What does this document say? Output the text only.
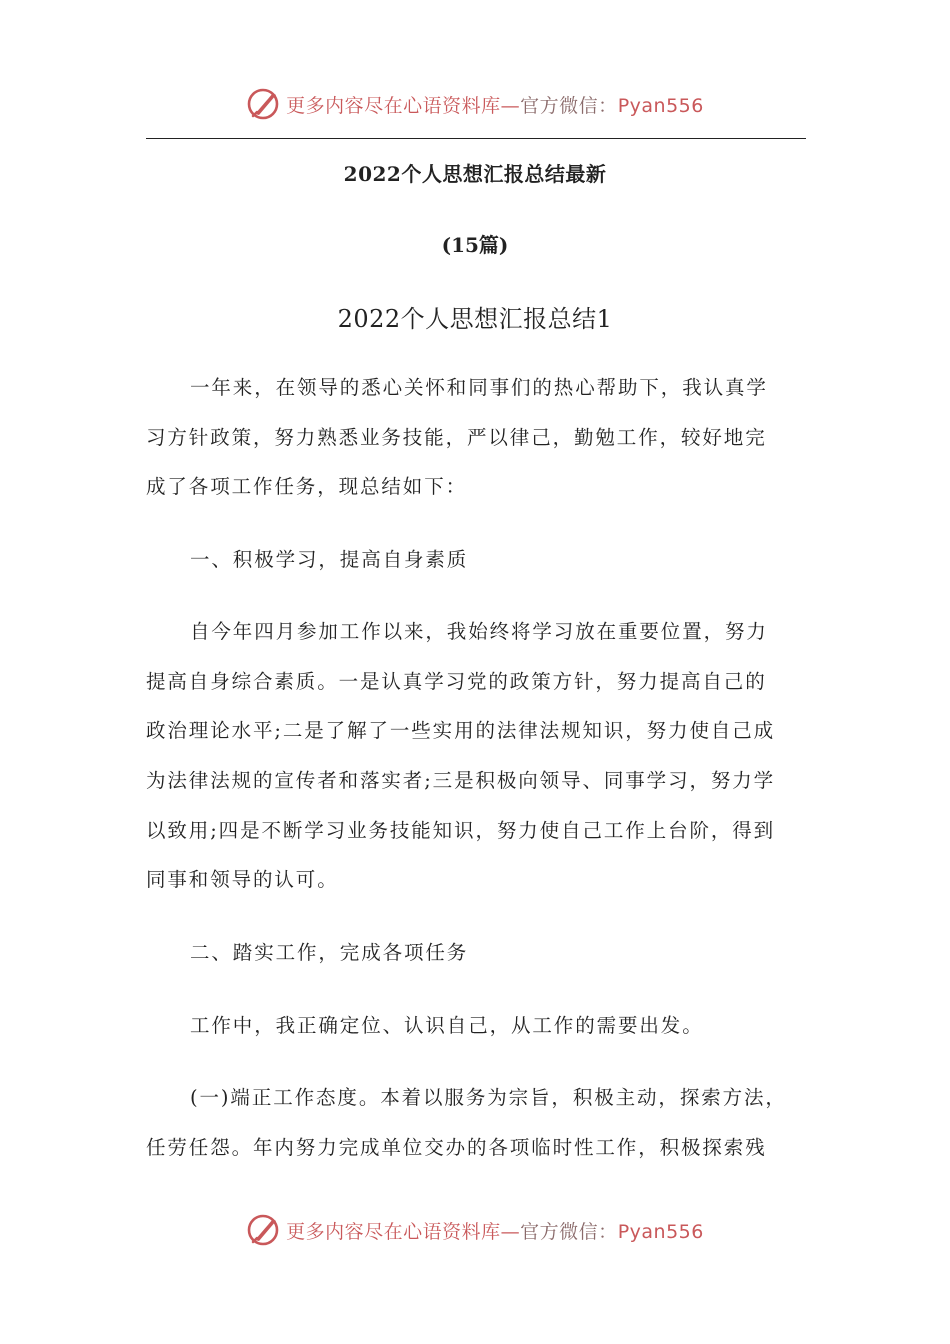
更多内容尽在心语资料库—官方微信：Pyan556
2022个人思想汇报总结最新
(15篇)
2022个人思想汇报总结1
一年来，在领导的悉心关怀和同事们的热心帮助下，我认真学
习方针政策，努力熟悉业务技能，严以律己，勤勉工作，较好地完
成了各项工作任务，现总结如下：
一、积极学习，提高自身素质
自今年四月参加工作以来，我始终将学习放在重要位置，努力
提高自身综合素质。一是认真学习党的政策方针，努力提高自己的
政治理论水平;二是了解了一些实用的法律法规知识，努力使自己成
为法律法规的宣传者和落实者;三是积极向领导、同事学习，努力学
以致用;四是不断学习业务技能知识，努力使自己工作上台阶，得到
同事和领导的认可。
二、踏实工作，完成各项任务
工作中，我正确定位、认识自己，从工作的需要出发。
(一)端正工作态度。本着以服务为宗旨，积极主动，探索方法，
任劳任怨。年内努力完成单位交办的各项临时性工作，积极探索残
更多内容尽在心语资料库—官方微信：Pyan556
